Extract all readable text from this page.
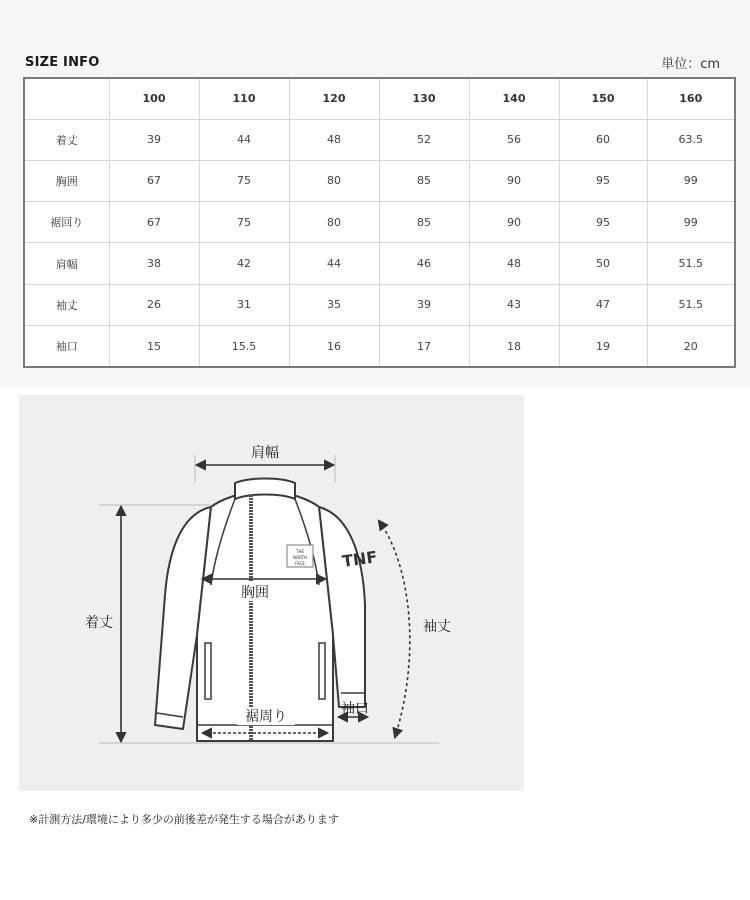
SIZE INFO	単位：cm
	100	110	120	130	140	150	160
着丈	39	44	48	52	56	60	63.5
胸囲	67	75	80	85	90	95	99
裾回り	67	75	80	85	90	95	99
肩幅	38	42	44	46	48	50	51.5
袖丈	26	31	35	39	43	47	51.5
袖口	15	15.5	16	17	18	19	20
THE
NORTH
FACE TNF
肩幅
着丈
胸囲
袖丈
裾周り	袖口
※計測方法/環境により多少の前後差が発生する場合があります
